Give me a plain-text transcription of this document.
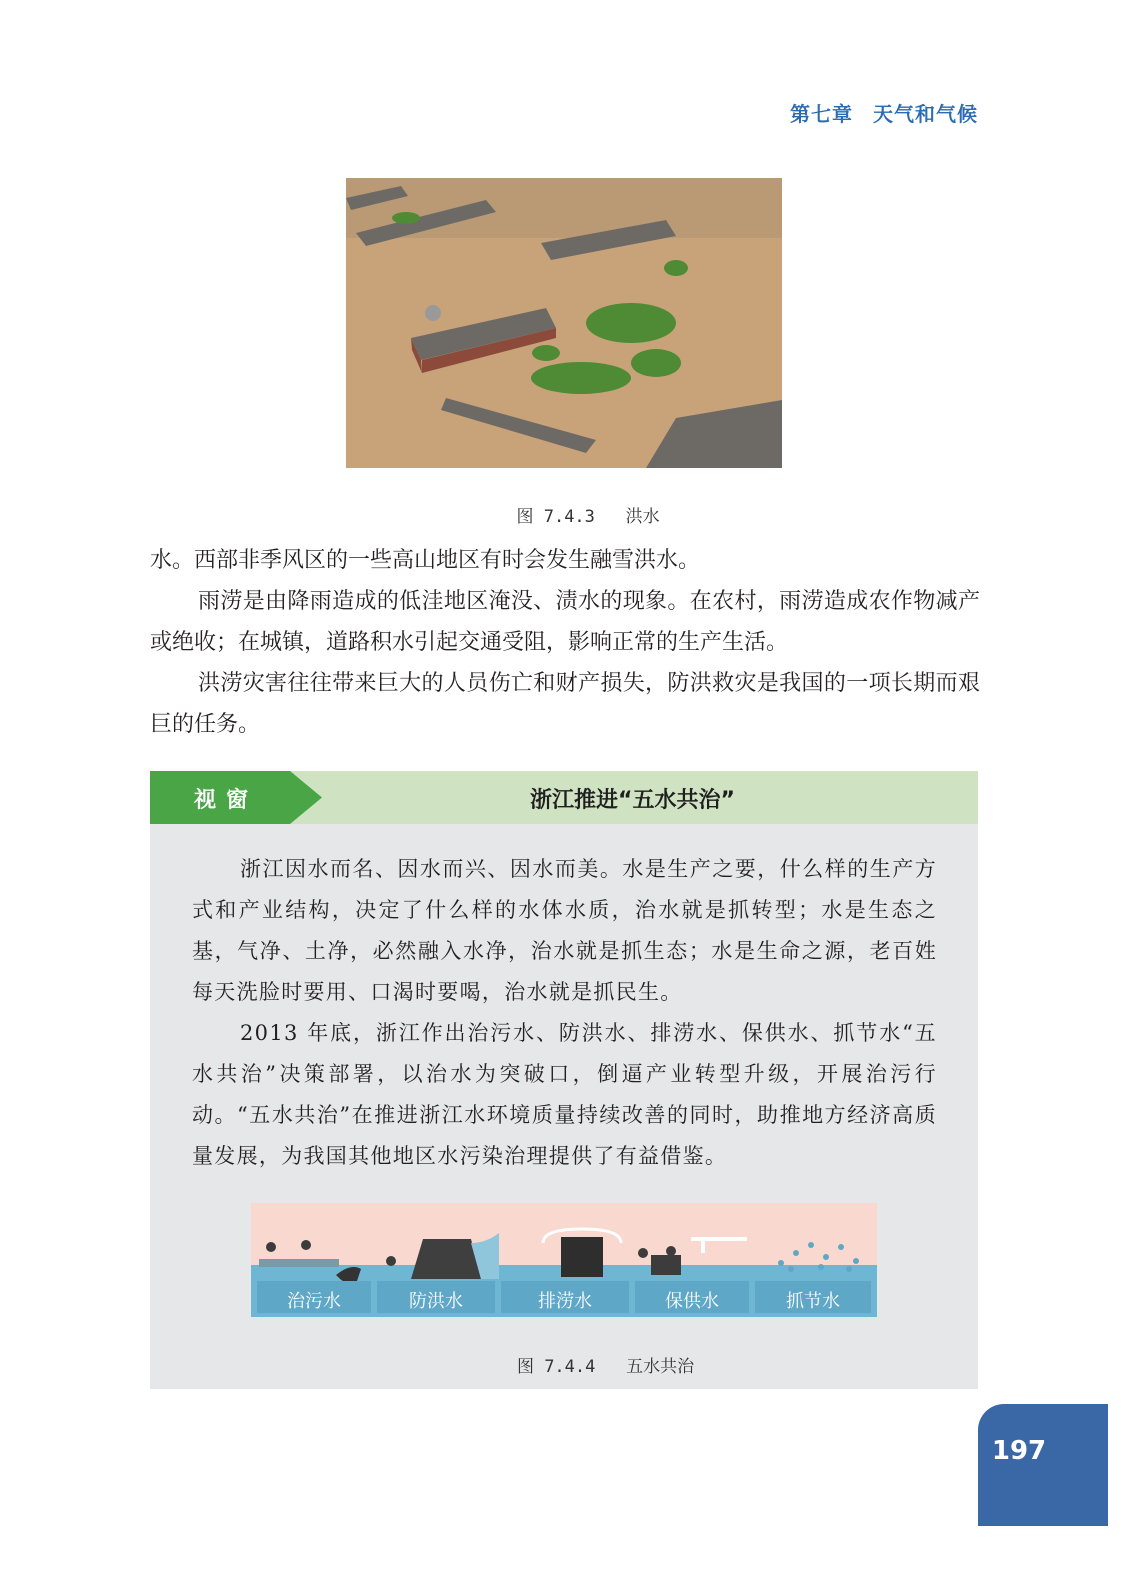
第七章 天气和气候

图 7.4.3 洪水

水。西部非季风区的一些高山地区有时会发生融雪洪水。

雨涝是由降雨造成的低洼地区淹没、渍水的现象。在农村，雨涝造成农作物减产或绝收；在城镇，道路积水引起交通受阻，影响正常的生产生活。

洪涝灾害往往带来巨大的人员伤亡和财产损失，防洪救灾是我国的一项长期而艰巨的任务。

视窗	浙江推进“五水共治”

浙江因水而名、因水而兴、因水而美。水是生产之要，什么样的生产方式和产业结构，决定了什么样的水体水质，治水就是抓转型；水是生态之基，气净、土净，必然融入水净，治水就是抓生态；水是生命之源，老百姓每天洗脸时要用、口渴时要喝，治水就是抓民生。

2013 年底，浙江作出治污水、防洪水、排涝水、保供水、抓节水“五水共治”决策部署，以治水为突破口，倒逼产业转型升级，开展治污行动。“五水共治”在推进浙江水环境质量持续改善的同时，助推地方经济高质量发展，为我国其他地区水污染治理提供了有益借鉴。

治污水	防洪水	排涝水	保供水	抓节水

图 7.4.4 五水共治

197
